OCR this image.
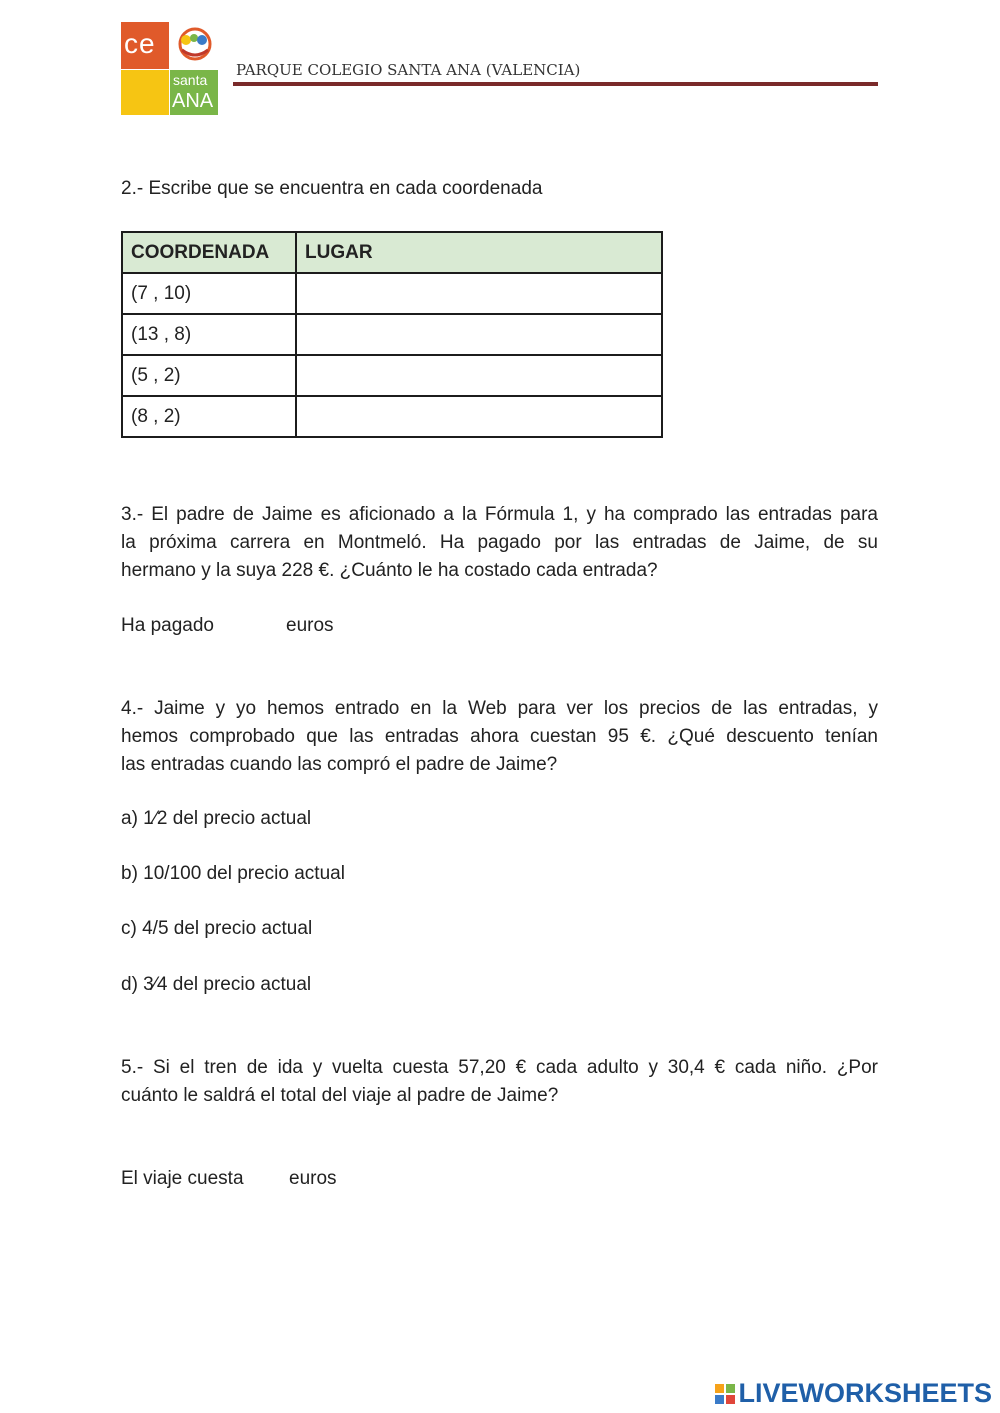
ce
santa
ANA
PARQUE COLEGIO SANTA ANA (VALENCIA)
2.- Escribe que se encuentra en cada coordenada
COORDENADA	LUGAR
(7 , 10)	
(13 , 8)	
(5 , 2)	
(8 , 2)	
3.- El padre de Jaime es aficionado a la Fórmula 1, y ha comprado las entradas para
la próxima carrera en Montmeló. Ha pagado por las entradas de Jaime, de su
hermano y la suya 228 €. ¿Cuánto le ha costado cada entrada?
Ha pagado	euros
4.- Jaime y yo hemos entrado en la Web para ver los precios de las entradas, y
hemos comprobado que las entradas ahora cuestan 95 €. ¿Qué descuento tenían
las entradas cuando las compró el padre de Jaime?
a) 1⁄2 del precio actual
b) 10/100 del precio actual
c) 4/5 del precio actual
d) 3⁄4 del precio actual
5.- Si el tren de ida y vuelta cuesta 57,20 € cada adulto y 30,4 € cada niño. ¿Por
cuánto le saldrá el total del viaje al padre de Jaime?
El viaje cuesta euros
LIVEWORKSHEETS
